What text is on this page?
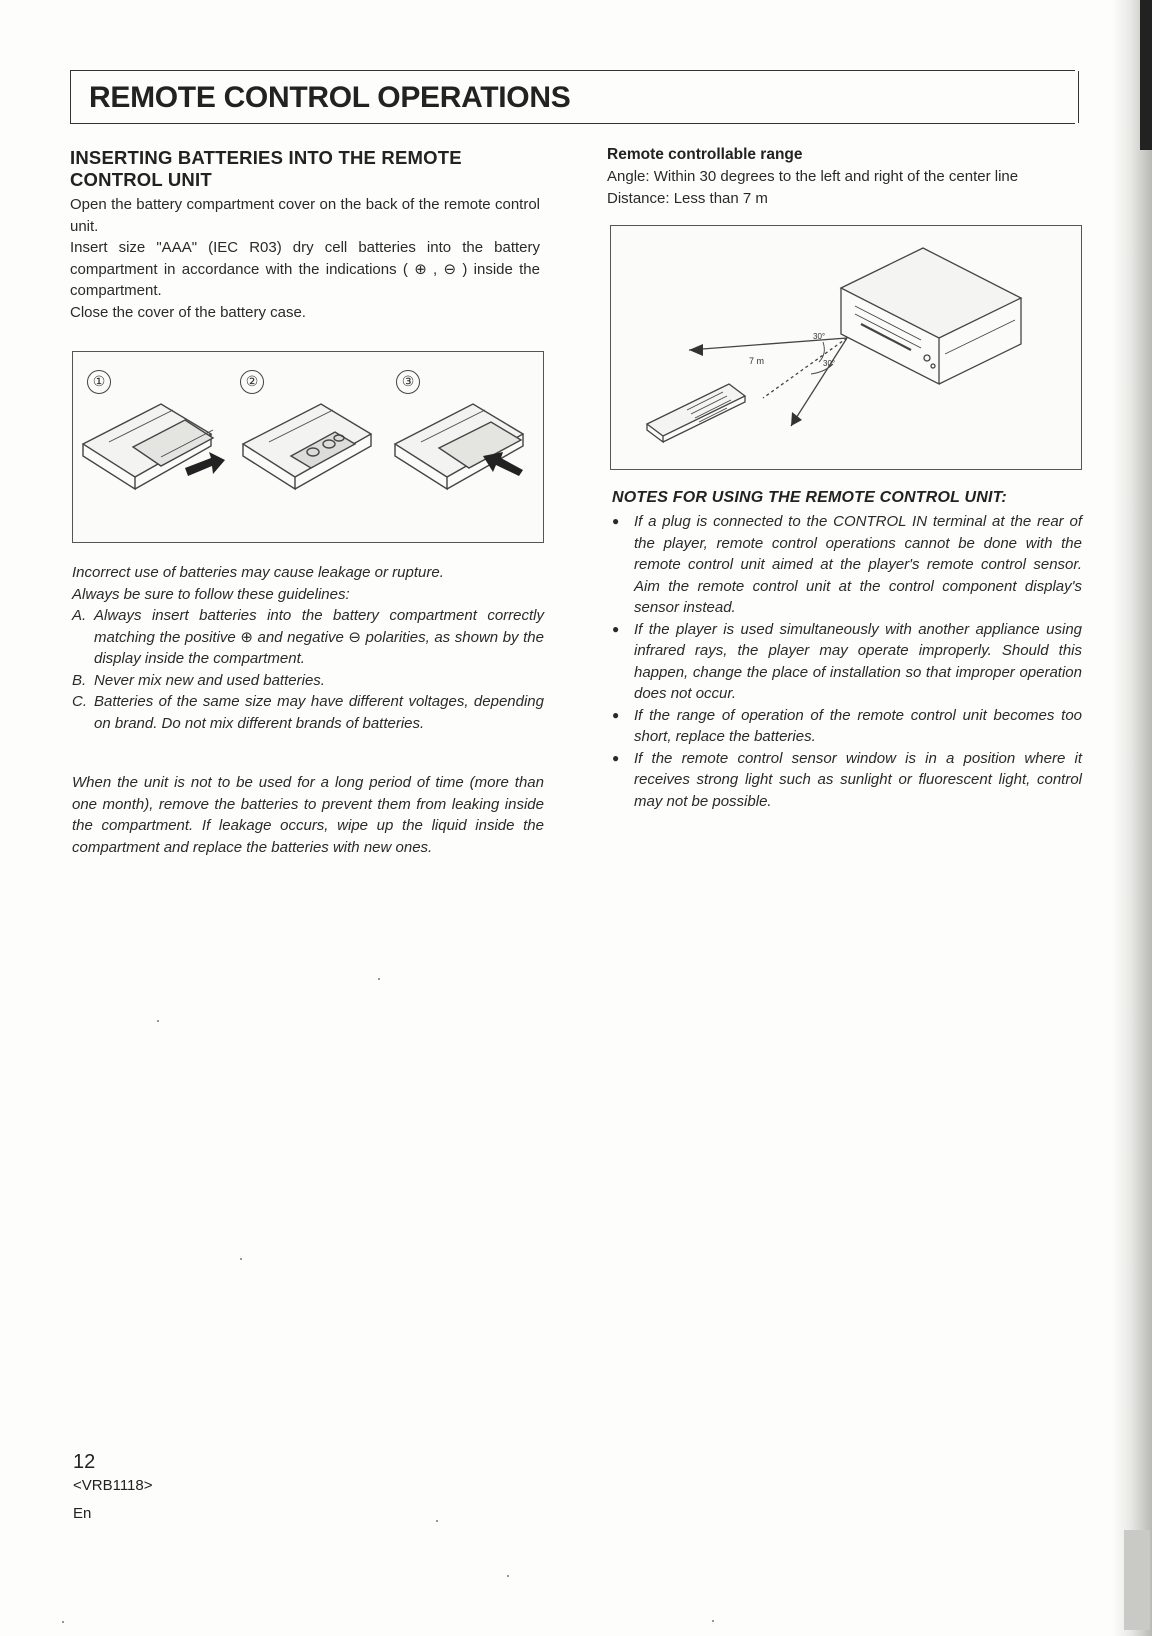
REMOTE CONTROL OPERATIONS
INSERTING BATTERIES INTO THE REMOTE CONTROL UNIT

Open the battery compartment cover on the back of the remote control unit.

Insert size "AAA" (IEC R03) dry cell batteries into the battery compartment in accordance with the indications ( ⊕ , ⊖ ) inside the compartment.

Close the cover of the battery case.

①	②	③

Incorrect use of batteries may cause leakage or rupture.

Always be sure to follow these guidelines:

A. Always insert batteries into the battery compartment correctly matching the positive ⊕ and negative ⊖ polarities, as shown by the display inside the compartment.
B. Never mix new and used batteries.
C. Batteries of the same size may have different voltages, depending on brand. Do not mix different brands of batteries.
When the unit is not to be used for a long period of time (more than one month), remove the batteries to prevent them from leaking inside the compartment. If leakage occurs, wipe up the liquid inside the compartment and replace the batteries with new ones.
Remote controllable range

Angle: Within 30 degrees to the left and right of the center line

Distance: Less than 7 m

30°
30°
7 m
NOTES FOR USING THE REMOTE CONTROL UNIT:
● If a plug is connected to the CONTROL IN terminal at the rear of the player, remote control operations cannot be done with the remote control unit aimed at the player's remote control sensor. Aim the remote control unit at the control component display's sensor instead.
● If the player is used simultaneously with another appliance using infrared rays, the player may operate improperly. Should this happen, change the place of installation so that improper operation does not occur.
● If the range of operation of the remote control unit becomes too short, replace the batteries.
● If the remote control sensor window is in a position where it receives strong light such as sunlight or fluorescent light, control may not be possible.
12
<VRB1118>
En
